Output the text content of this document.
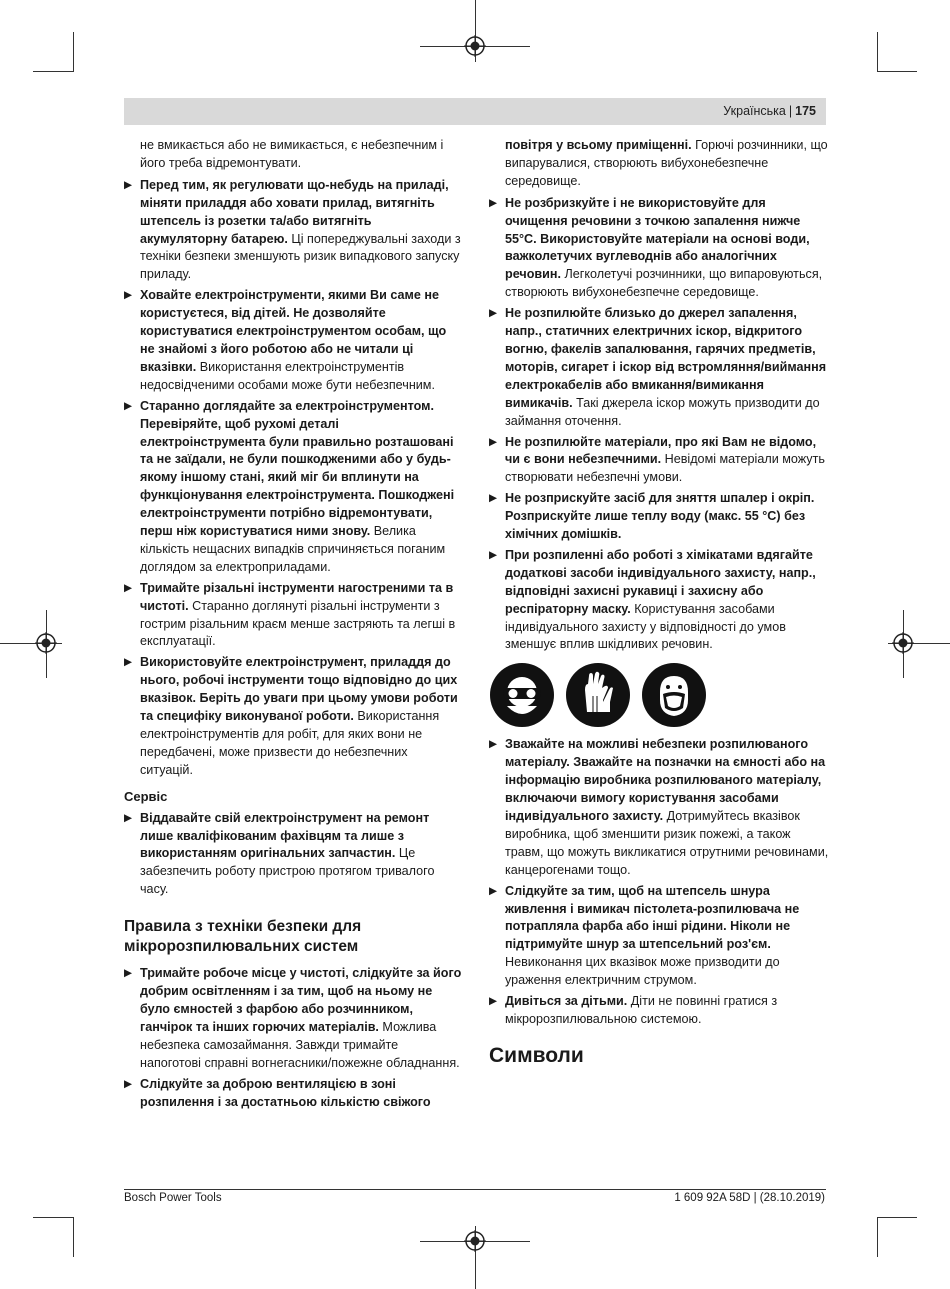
Українська | 175

не вмикається або не вимикається, є небезпечним і його треба відремонтувати.

▶ Перед тим, як регулювати що-небудь на приладі, міняти приладдя або ховати прилад, витягніть штепсель із розетки та/або витягніть акумуляторну батарею. Ці попереджувальні заходи з техніки безпеки зменшують ризик випадкового запуску приладу.
▶ Ховайте електроінструменти, якими Ви саме не користуєтеся, від дітей. Не дозволяйте користуватися електроінструментом особам, що не знайомі з його роботою або не читали ці вказівки. Використання електроінструментів недосвідченими особами може бути небезпечним.
▶ Старанно доглядайте за електроінструментом. Перевіряйте, щоб рухомі деталі електроінструмента були правильно розташовані та не заїдали, не були пошкодженими або у будь-якому іншому стані, який міг би вплинути на функціонування електроінструмента. Пошкоджені електроінструменти потрібно відремонтувати, перш ніж користуватися ними знову. Велика кількість нещасних випадків спричиняється поганим доглядом за електроприладами.
▶ Тримайте різальні інструменти нагостреними та в чистоті. Старанно доглянуті різальні інструменти з гострим різальним краєм менше застряють та легші в експлуатації.
▶ Використовуйте електроінструмент, приладдя до нього, робочі інструменти тощо відповідно до цих вказівок. Беріть до уваги при цьому умови роботи та специфіку виконуваної роботи. Використання електроінструментів для робіт, для яких вони не передбачені, може призвести до небезпечних ситуацій.
Сервіс
▶ Віддавайте свій електроінструмент на ремонт лише кваліфікованим фахівцям та лише з використанням оригінальних запчастин. Це забезпечить роботу пристрою протягом тривалого часу.
Правила з техніки безпеки для мікророзпилювальних систем
▶ Тримайте робоче місце у чистоті, слідкуйте за його добрим освітленням і за тим, щоб на ньому не було ємностей з фарбою або розчинником, ганчірок та інших горючих матеріалів. Можлива небезпека самозаймання. Завжди тримайте напоготові справні вогнегасники/пожежне обладнання.
▶ Слідкуйте за доброю вентиляцією в зоні розпилення і за достатньою кількістю свіжого

повітря у всьому приміщенні. Горючі розчинники, що випарувалися, створюють вибухонебезпечне середовище.

▶ Не розбризкуйте і не використовуйте для очищення речовини з точкою запалення нижче 55°C. Використовуйте матеріали на основі води, важколетучих вуглеводнів або аналогічних речовин. Легколетучі розчинники, що випаровуються, створюють вибухонебезпечне середовище.
▶ Не розпилюйте близько до джерел запалення, напр., статичних електричних іскор, відкритого вогню, факелів запалювання, гарячих предметів, моторів, сигарет і іскор від встромляння/виймання електрокабелів або вмикання/вимикання вимикачів. Такі джерела іскор можуть призводити до займання оточення.
▶ Не розпилюйте матеріали, про які Вам не відомо, чи є вони небезпечними. Невідомі матеріали можуть створювати небезпечні умови.
▶ Не розприскуйте засіб для зняття шпалер і окріп. Розприскуйте лише теплу воду (макс. 55 °C) без хімічних домішків.
▶ При розпиленні або роботі з хімікатами вдягайте додаткові засоби індивідуального захисту, напр., відповідні захисні рукавиці і захисну або респіраторну маску. Користування засобами індивідуального захисту у відповідності до умов зменшує вплив шкідливих речовин.
▶ Зважайте на можливі небезпеки розпилюваного матеріалу. Зважайте на позначки на ємності або на інформацію виробника розпилюваного матеріалу, включаючи вимогу користування засобами індивідуального захисту. Дотримуйтесь вказівок виробника, щоб зменшити ризик пожежі, а також травм, що можуть викликатися отрутними речовинами, канцерогенами тощо.
▶ Слідкуйте за тим, щоб на штепсель шнура живлення і вимикач пістолета-розпилювача не потрапляла фарба або інші рідини. Ніколи не підтримуйте шнур за штепсельний роз'єм. Невиконання цих вказівок може призводити до ураження електричним струмом.
▶ Дивіться за дітьми. Діти не повинні гратися з мікророзпилювальною системою.
Символи
Bosch Power Tools	1 609 92A 58D | (28.10.2019)
